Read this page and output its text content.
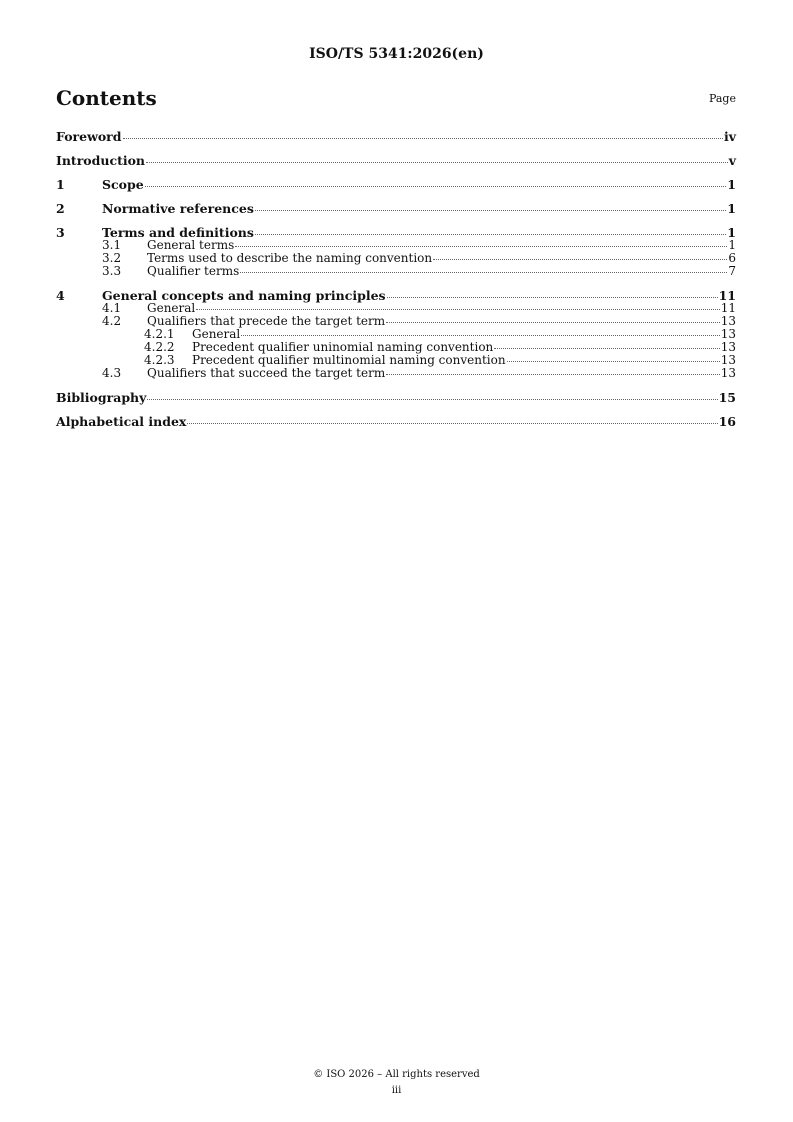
ISO/TS 5341:2026(en)
Contents	Page
Foreword	iv
Introduction	v
1	Scope	1
2	Normative references	1
3	Terms and definitions	1
3.1	General terms	1
3.2	Terms used to describe the naming convention	6
3.3	Qualifier terms	7
4	General concepts and naming principles	11
4.1	General	11
4.2	Qualifiers that precede the target term	13
4.2.1	General	13
4.2.2	Precedent qualifier uninomial naming convention	13
4.2.3	Precedent qualifier multinomial naming convention	13
4.3	Qualifiers that succeed the target term	13
Bibliography	15
Alphabetical index	16
© ISO 2026 – All rights reserved
iii
